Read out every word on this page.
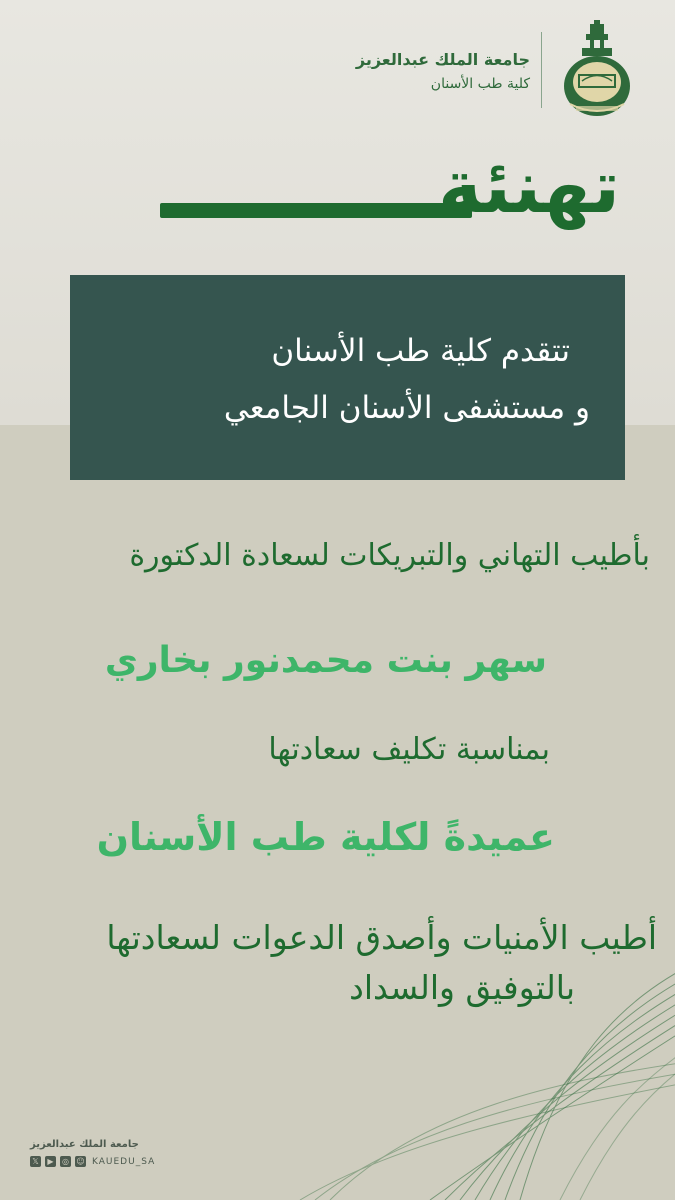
جامعة الملك عبدالعزيز
كلية طب الأسنان
تهنئة
تتقدم كلية طب الأسنان
و مستشفى الأسنان الجامعي
بأطيب التهاني والتبريكات لسعادة الدكتورة
سهر بنت محمدنور بخاري
بمناسبة تكليف سعادتها
عميدةً لكلية طب الأسنان
أطيب الأمنيات وأصدق الدعوات لسعادتها
بالتوفيق والسداد
جامعة الملك عبدالعزيز
𝕏	▶	◎ ☺ KAUEDU_SA
